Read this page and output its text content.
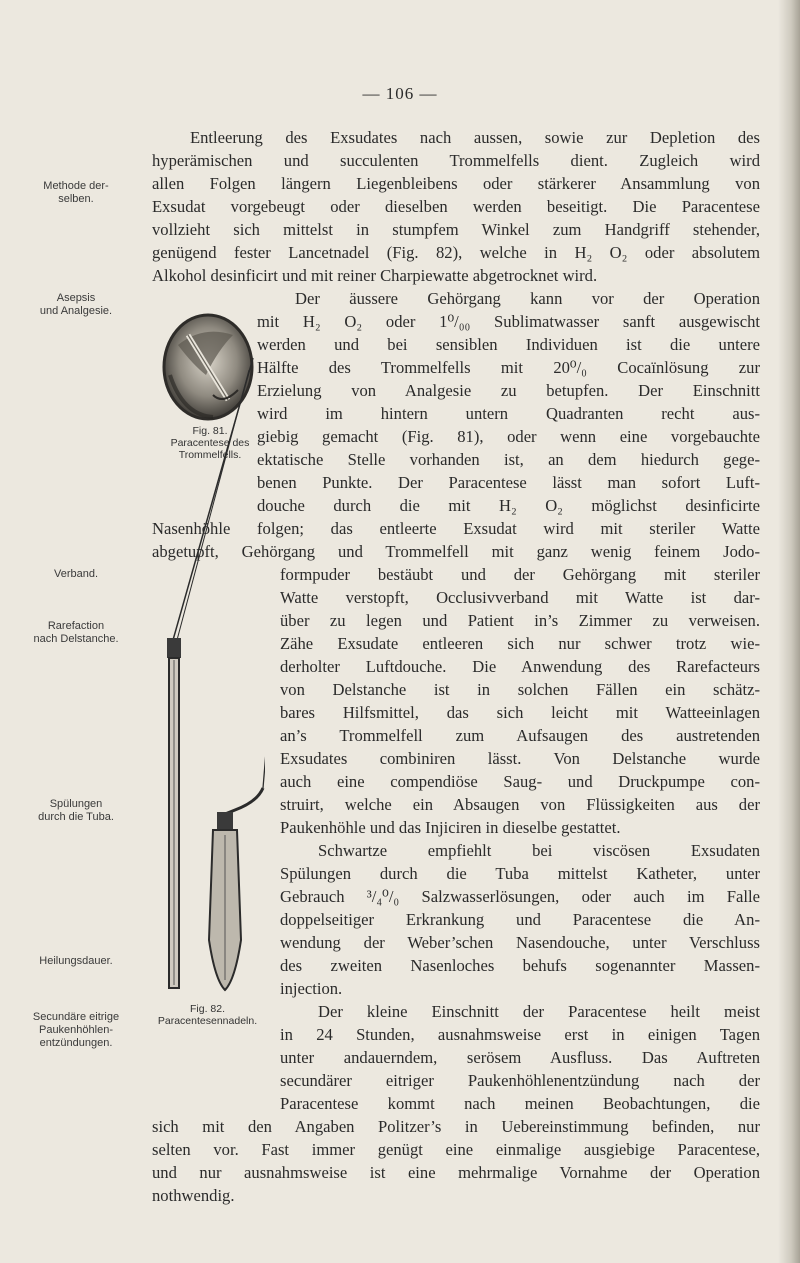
— 106 —
Methode der-
selben.
Asepsis
und Analgesie.
Verband.
Rarefaction
nach Delstanche.
Spülungen
durch die Tuba.
Heilungsdauer.
Secundäre eitrige
Paukenhöhlen-
entzündungen.
Fig. 81.
Paracentese des
Trommelfells.
Fig. 82.
Paracentesennadeln.
Entleerung des Exsudates nach aussen, sowie zur Depletion des
hyperämischen und succulenten Trommelfells dient. Zugleich wird
allen Folgen längern Liegenbleibens oder stärkerer Ansammlung von
Exsudat vorgebeugt oder dieselben werden beseitigt. Die Paracentese
vollzieht sich mittelst in stumpfem Winkel zum Handgriff stehender,
genügend fester Lancetnadel (Fig. 82), welche in H₂ O₂ oder absolutem
Alkohol desinficirt und mit reiner Charpiewatte abgetrocknet wird.
Der äussere Gehörgang kann vor der Operation
mit H₂ O₂ oder 1⁰/₀₀ Sublimatwasser sanft ausgewischt
werden und bei sensiblen Individuen ist die untere
Hälfte des Trommelfells mit 20⁰/₀ Cocaïnlösung zur
Erzielung von Analgesie zu betupfen. Der Einschnitt
wird im hintern untern Quadranten recht aus-
giebig gemacht (Fig. 81), oder wenn eine vorgebauchte
ektatische Stelle vorhanden ist, an dem hiedurch gege-
benen Punkte. Der Paracentese lässt man sofort Luft-
douche durch die mit H₂ O₂ möglichst desinficirte
Nasenhöhle folgen; das entleerte Exsudat wird mit steriler Watte
abgetupft, Gehörgang und Trommelfell mit ganz wenig feinem Jodo-
formpuder bestäubt und der Gehörgang mit steriler
Watte verstopft, Occlusivverband mit Watte ist dar-
über zu legen und Patient in’s Zimmer zu verweisen.
Zähe Exsudate entleeren sich nur schwer trotz wie-
derholter Luftdouche. Die Anwendung des Rarefacteurs
von Delstanche ist in solchen Fällen ein schätz-
bares Hilfsmittel, das sich leicht mit Watteeinlagen
an’s Trommelfell zum Aufsaugen des austretenden
Exsudates combiniren lässt. Von Delstanche wurde
auch eine compendiöse Saug- und Druckpumpe con-
struirt, welche ein Absaugen von Flüssigkeiten aus der
Paukenhöhle und das Injiciren in dieselbe gestattet.
Schwartze empfiehlt bei viscösen Exsudaten
Spülungen durch die Tuba mittelst Katheter, unter
Gebrauch ³/₄⁰/₀ Salzwasserlösungen, oder auch im Falle
doppelseitiger Erkrankung und Paracentese die An-
wendung der Weber’schen Nasendouche, unter Verschluss
des zweiten Nasenloches behufs sogenannter Massen-
injection.
Der kleine Einschnitt der Paracentese heilt meist
in 24 Stunden, ausnahmsweise erst in einigen Tagen
unter andauerndem, serösem Ausfluss. Das Auftreten
secundärer eitriger Paukenhöhlenentzündung nach der
Paracentese kommt nach meinen Beobachtungen, die
sich mit den Angaben Politzer’s in Uebereinstimmung befinden, nur
selten vor. Fast immer genügt eine einmalige ausgiebige Paracentese,
und nur ausnahmsweise ist eine mehrmalige Vornahme der Operation
nothwendig.
